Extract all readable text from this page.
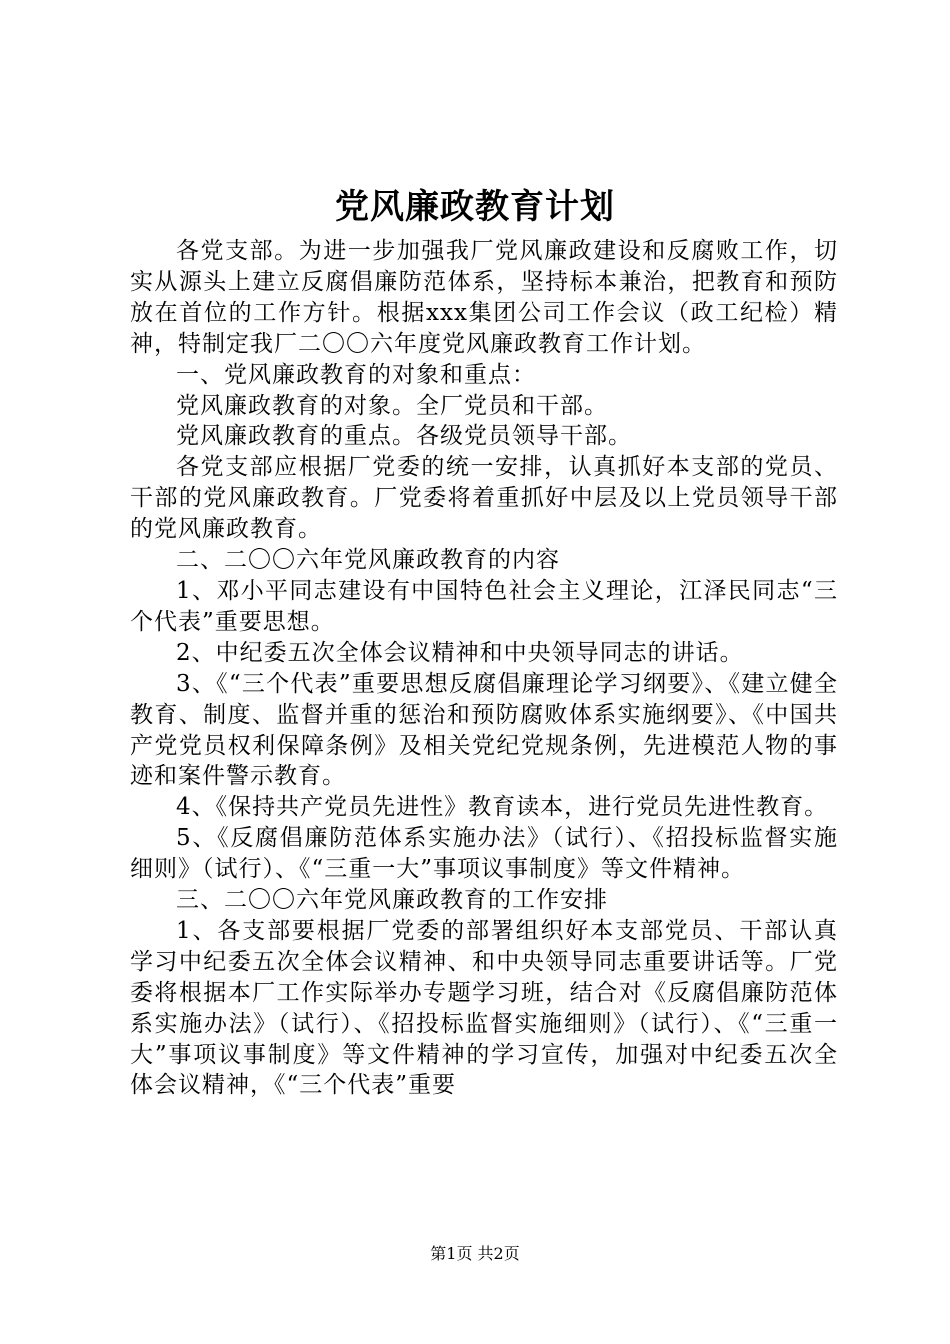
党风廉政教育计划

各党支部。为进一步加强我厂党风廉政建设和反腐败工作，切实从源头上建立反腐倡廉防范体系，坚持标本兼治，把教育和预防放在首位的工作方针。根据xxx集团公司工作会议（政工纪检）精神，特制定我厂二〇〇六年度党风廉政教育工作计划。

一、党风廉政教育的对象和重点：

党风廉政教育的对象。全厂党员和干部。

党风廉政教育的重点。各级党员领导干部。

各党支部应根据厂党委的统一安排，认真抓好本支部的党员、干部的党风廉政教育。厂党委将着重抓好中层及以上党员领导干部的党风廉政教育。

二、二〇〇六年党风廉政教育的内容

1、邓小平同志建设有中国特色社会主义理论，江泽民同志“三个代表”重要思想。

2、中纪委五次全体会议精神和中央领导同志的讲话。

3、《“三个代表”重要思想反腐倡廉理论学习纲要》、《建立健全教育、制度、监督并重的惩治和预防腐败体系实施纲要》、《中国共产党党员权利保障条例》及相关党纪党规条例，先进模范人物的事迹和案件警示教育。

4、《保持共产党员先进性》教育读本，进行党员先进性教育。

5、《反腐倡廉防范体系实施办法》（试行）、《招投标监督实施细则》（试行）、《“三重一大”事项议事制度》等文件精神。

三、二〇〇六年党风廉政教育的工作安排

1、各支部要根据厂党委的部署组织好本支部党员、干部认真学习中纪委五次全体会议精神、和中央领导同志重要讲话等。厂党委将根据本厂工作实际举办专题学习班，结合对《反腐倡廉防范体系实施办法》（试行）、《招投标监督实施细则》（试行）、《“三重一大”事项议事制度》等文件精神的学习宣传，加强对中纪委五次全体会议精神，《“三个代表”重要

第1页 共2页
